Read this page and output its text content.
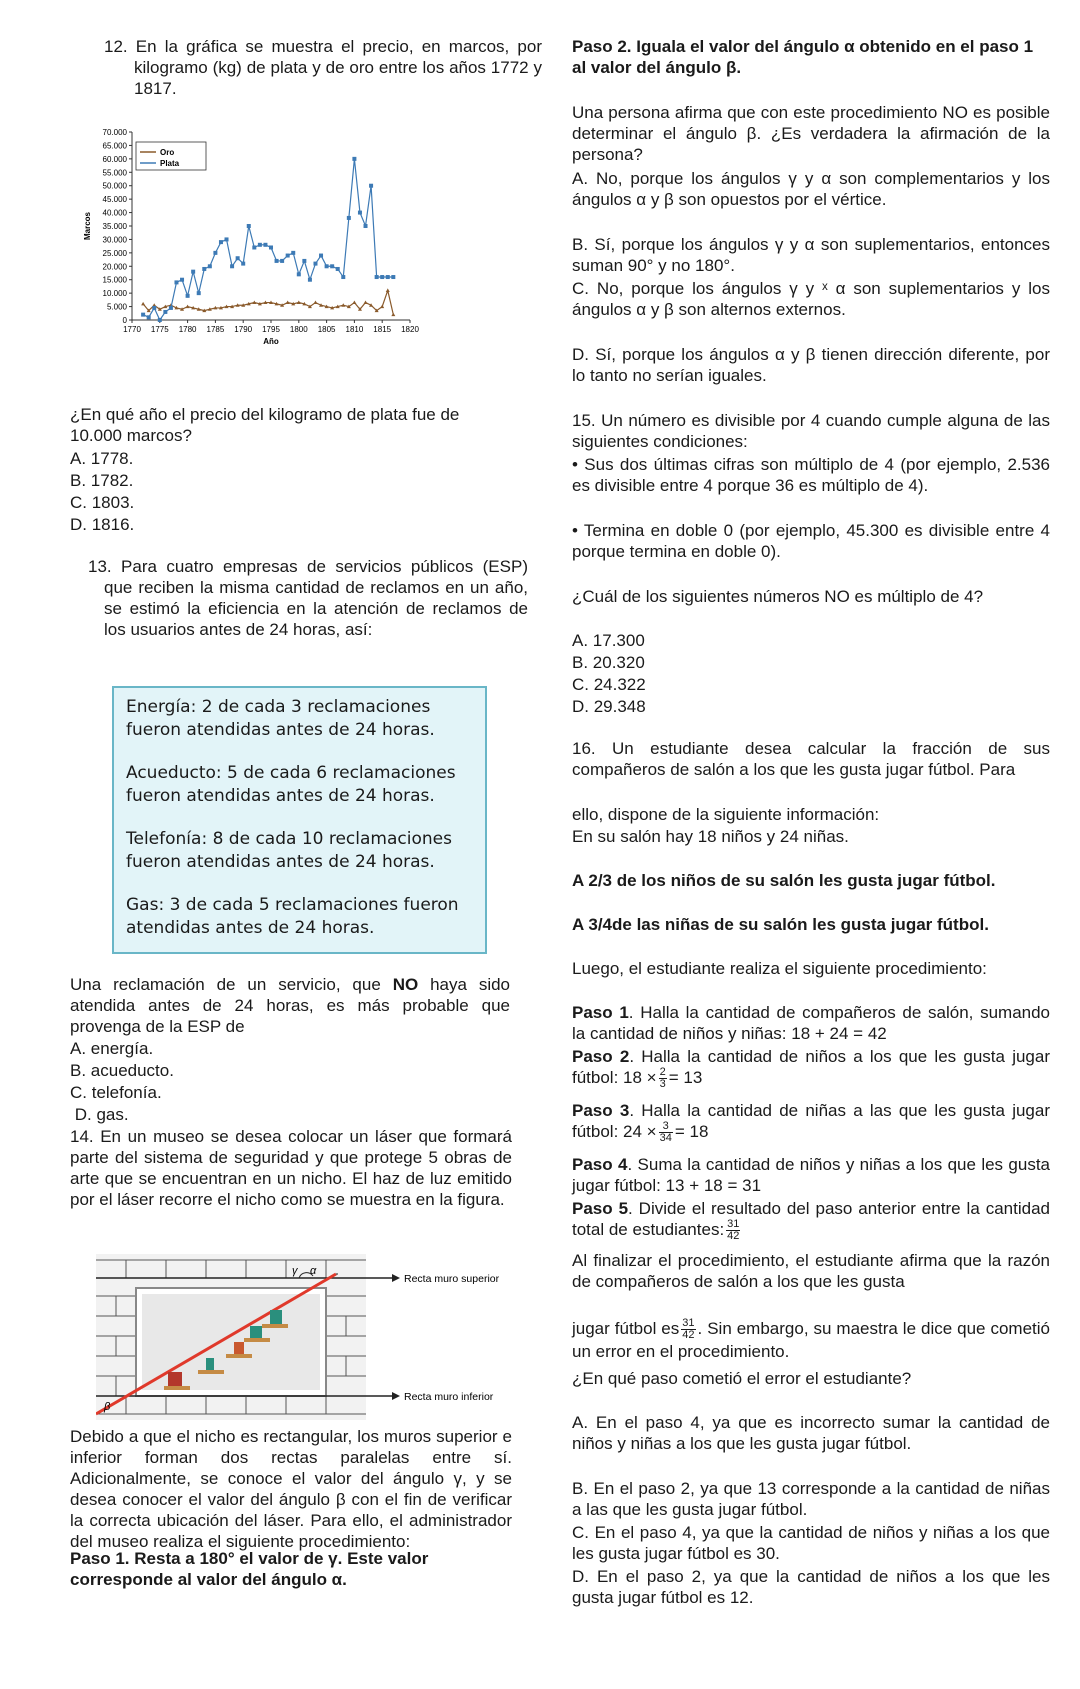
12. En la gráfica se muestra el precio, en marcos, por kilogramo (kg) de plata y de oro entre los años 1772 y 1817.

0
5.000
10.000
15.000
20.000
25.000
30.000
35.000
40.000
45.000
50.000
55.000
60.000
65.000
70.000
1770 1775 1780 1785 1790 1795 1800 1805 1810 1815 1820
Año
Marcos
Oro
Plata

¿En qué año el precio del kilogramo de plata fue de 10.000 marcos?

A. 1778.

B. 1782.

C. 1803.

D. 1816.

13. Para cuatro empresas de servicios públicos (ESP) que reciben la misma cantidad de reclamos en un año, se estimó la eficiencia en la atención de reclamos de los usuarios antes de 24 horas, así:

Energía: 2 de cada 3 reclamaciones fueron atendidas antes de 24 horas.

Acueducto: 5 de cada 6 reclamaciones fueron atendidas antes de 24 horas.

Telefonía: 8 de cada 10 reclamaciones fueron atendidas antes de 24 horas.

Gas: 3 de cada 5 reclamaciones fueron atendidas antes de 24 horas.

Una reclamación de un servicio, que NO haya sido atendida antes de 24 horas, es más probable que provenga de la ESP de

A. energía.

B. acueducto.

C. telefonía.

D. gas.

14. En un museo se desea colocar un láser que formará parte del sistema de seguridad y que protege 5 obras de arte que se encuentran en un nicho. El haz de luz emitido por el láser recorre el nicho como se muestra en la figura.

γ α
β
Recta muro superior
Recta muro inferior

Debido a que el nicho es rectangular, los muros superior e inferior forman dos rectas paralelas entre sí. Adicionalmente, se conoce el valor del ángulo γ, y se desea conocer el valor del ángulo β con el fin de verificar la correcta ubicación del láser. Para ello, el administrador del museo realiza el siguiente procedimiento:

Paso 1. Resta a 180° el valor de γ. Este valor corresponde al valor del ángulo α.

Paso 2. Iguala el valor del ángulo α obtenido en el paso 1 al valor del ángulo β.

Una persona afirma que con este procedimiento NO es posible determinar el ángulo β. ¿Es verdadera la afirmación de la persona?

A. No, porque los ángulos γ y α son complementarios y los ángulos α y β son opuestos por el vértice.

B. Sí, porque los ángulos γ y α son suplementarios, entonces suman 90° y no 180°.

C. No, porque los ángulos γ y ˣ α son suplementarios y los ángulos α y β son alternos externos.

D. Sí, porque los ángulos α y β tienen dirección diferente, por lo tanto no serían iguales.

15. Un número es divisible por 4 cuando cumple alguna de las siguientes condiciones:

• Sus dos últimas cifras son múltiplo de 4 (por ejemplo, 2.536 es divisible entre 4 porque 36 es múltiplo de 4).

• Termina en doble 0 (por ejemplo, 45.300 es divisible entre 4 porque termina en doble 0).

¿Cuál de los siguientes números NO es múltiplo de 4?

A. 17.300

B. 20.320

C. 24.322

D. 29.348

16. Un estudiante desea calcular la fracción de sus compañeros de salón a los que les gusta jugar fútbol. Para

ello, dispone de la siguiente información:

En su salón hay 18 niños y 24 niñas.

A 2/3 de los niños de su salón les gusta jugar fútbol.

A 3/4de las niñas de su salón les gusta jugar fútbol.

Luego, el estudiante realiza el siguiente procedimiento:

Paso 1. Halla la cantidad de compañeros de salón, sumando la cantidad de niños y niñas: 18 + 24 = 42

Paso 2. Halla la cantidad de niños a los que les gusta jugar fútbol: $18 \times \frac{2}{3} = 13$

Paso 3. Halla la cantidad de niñas a las que les gusta jugar fútbol: $24 \times \frac{3}{34} = 18$

Paso 4. Suma la cantidad de niños y niñas a los que les gusta jugar fútbol: 13 + 18 = 31

Paso 5. Divide el resultado del paso anterior entre la cantidad total de estudiantes: $\frac{31}{42}$

Al finalizar el procedimiento, el estudiante afirma que la razón de compañeros de salón a los que les gusta

jugar fútbol es $\frac{31}{42}$ . Sin embargo, su maestra le dice que cometió un error en el procedimiento.

¿En qué paso cometió el error el estudiante?

A. En el paso 4, ya que es incorrecto sumar la cantidad de niños y niñas a los que les gusta jugar fútbol.

B. En el paso 2, ya que 13 corresponde a la cantidad de niñas a las que les gusta jugar fútbol.

C. En el paso 4, ya que la cantidad de niños y niñas a los que les gusta jugar fútbol es 30.

D. En el paso 2, ya que la cantidad de niños a los que les gusta jugar fútbol es 12.
